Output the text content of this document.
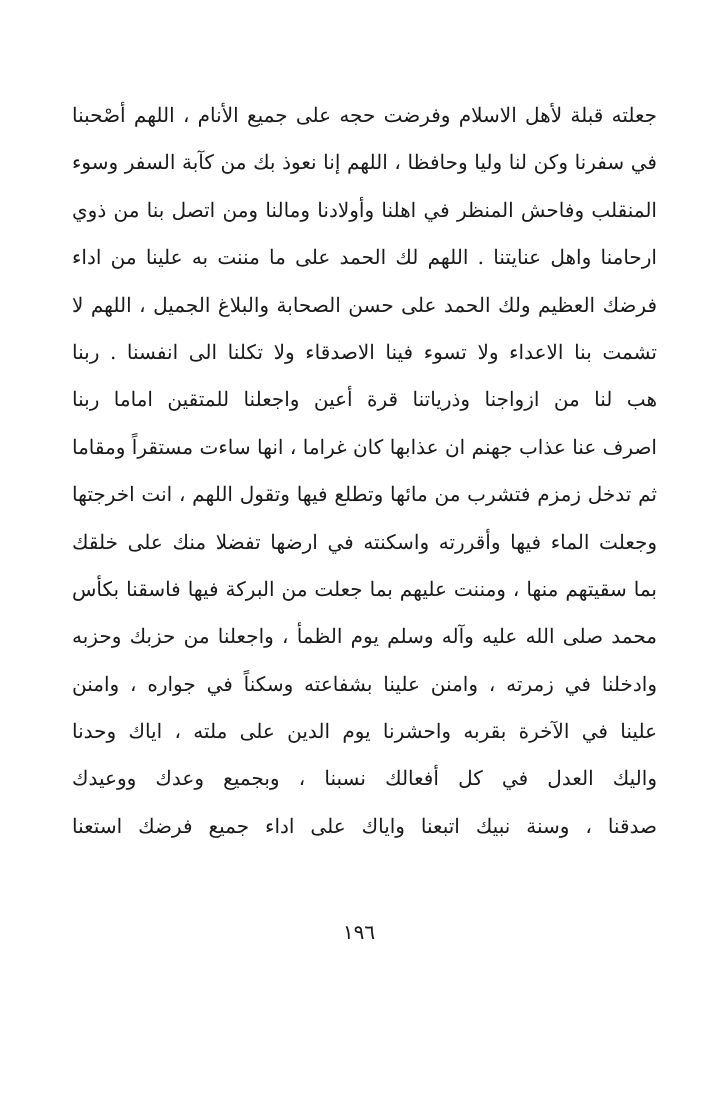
جعلته قبلة لأهل الاسلام وفرضت حجه على جميع الأنام ، اللهم أصْحبنا
في سفرنا وكن لنا وليا وحافظا ، اللهم إنا نعوذ بك من كآبة السفر وسوء
المنقلب وفاحش المنظر في اهلنا وأولادنا ومالنا ومن اتصل بنا من ذوي
ارحامنا واهل عنايتنا . اللهم لك الحمد على ما مننت به علينا من اداء
فرضك العظيم ولك الحمد على حسن الصحابة والبلاغ الجميل ، اللهم لا
تشمت بنا الاعداء ولا تسوء فينا الاصدقاء ولا تكلنا الى انفسنا . ربنا
هب لنا من ازواجنا وذرياتنا قرة أعين واجعلنا للمتقين اماما ربنا
اصرف عنا عذاب جهنم ان عذابها كان غراما ، انها ساءت مستقراً ومقاما
ثم تدخل زمزم فتشرب من مائها وتطلع فيها وتقول اللهم ، انت اخرجتها
وجعلت الماء فيها وأقررته واسكنته في ارضها تفضلا منك على خلقك
بما سقيتهم منها ، ومننت عليهم بما جعلت من البركة فيها فاسقنا بكأس
محمد صلى الله عليه وآله وسلم يوم الظمأ ، واجعلنا من حزبك وحزبه
وادخلنا في زمرته ، وامنن علينا بشفاعته وسكناً في جواره ، وامنن
علينا في الآخرة بقربه واحشرنا يوم الدين على ملته ، اياك وحدنا
واليك العدل في كل أفعالك نسبنا ، وبجميع وعدك ووعيدك
صدقنا ، وسنة نبيك اتبعنا واياك على اداء جميع فرضك استعنا
١٩٦
